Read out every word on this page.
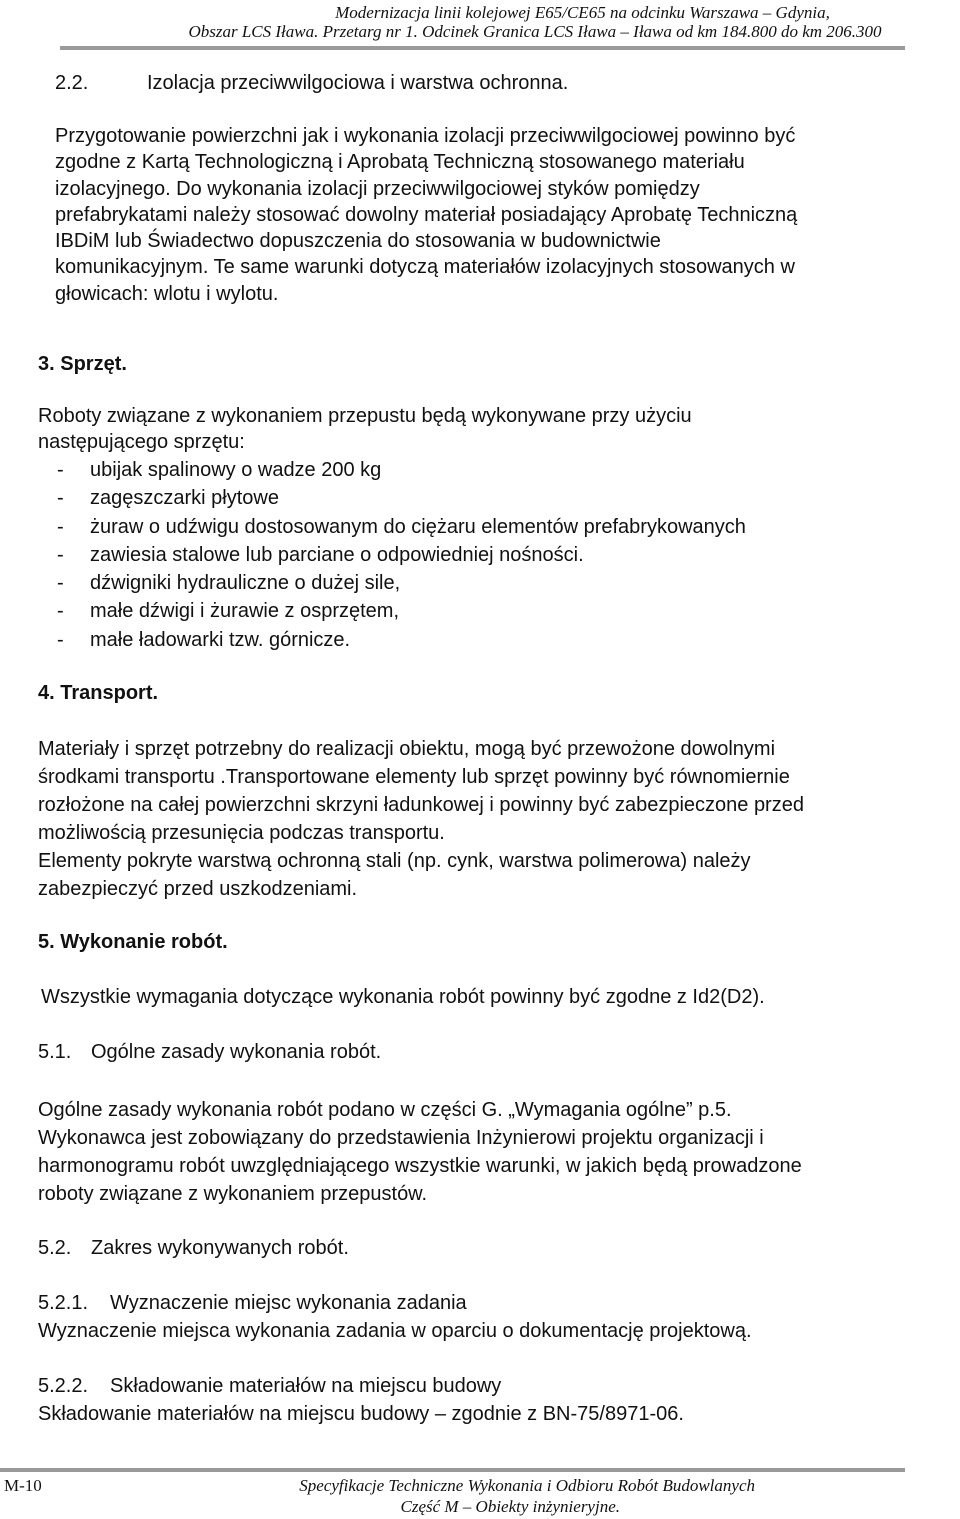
Modernizacja linii kolejowej E65/CE65 na odcinku Warszawa – Gdynia,
Obszar LCS Iława. Przetarg nr 1. Odcinek Granica LCS Iława – Iława od km 184.800 do km 206.300
2.2.	Izolacja przeciwwilgociowa i warstwa ochronna.
Przygotowanie powierzchni jak i wykonania izolacji przeciwwilgociowej powinno być
zgodne z Kartą Technologiczną i Aprobatą Techniczną stosowanego materiału
izolacyjnego. Do wykonania izolacji przeciwwilgociowej styków pomiędzy
prefabrykatami należy stosować dowolny materiał posiadający Aprobatę Techniczną
IBDiM lub Świadectwo dopuszczenia do stosowania w budownictwie
komunikacyjnym. Te same warunki dotyczą materiałów izolacyjnych stosowanych w
głowicach: wlotu i wylotu.
3. Sprzęt.
Roboty związane z wykonaniem przepustu będą wykonywane przy użyciu
następującego sprzętu:
- ubijak spalinowy o wadze 200 kg
- zagęszczarki płytowe
- żuraw o udźwigu dostosowanym do ciężaru elementów prefabrykowanych
- zawiesia stalowe lub parciane o odpowiedniej nośności.
- dźwigniki hydrauliczne o dużej sile,
- małe dźwigi i żurawie z osprzętem,
- małe ładowarki tzw. górnicze.
4. Transport.
Materiały i sprzęt potrzebny do realizacji obiektu, mogą być przewożone dowolnymi
środkami transportu .Transportowane elementy lub sprzęt powinny być równomiernie
rozłożone na całej powierzchni skrzyni ładunkowej i powinny być zabezpieczone przed
możliwością przesunięcia podczas transportu.
Elementy pokryte warstwą ochronną stali (np. cynk, warstwa polimerowa) należy
zabezpieczyć przed uszkodzeniami.
5. Wykonanie robót.
Wszystkie wymagania dotyczące wykonania robót powinny być zgodne z Id2(D2).
5.1. Ogólne zasady wykonania robót.
Ogólne zasady wykonania robót podano w części G. „Wymagania ogólne” p.5.
Wykonawca jest zobowiązany do przedstawienia Inżynierowi projektu organizacji i
harmonogramu robót uwzględniającego wszystkie warunki, w jakich będą prowadzone
roboty związane z wykonaniem przepustów.
5.2. Zakres wykonywanych robót.
5.2.1. Wyznaczenie miejsc wykonania zadania
Wyznaczenie miejsca wykonania zadania w oparciu o dokumentację projektową.
5.2.2. Składowanie materiałów na miejscu budowy
Składowanie materiałów na miejscu budowy – zgodnie z BN-75/8971-06.
M-10	Specyfikacje Techniczne Wykonania i Odbioru Robót Budowlanych
Część M – Obiekty inżynieryjne.
